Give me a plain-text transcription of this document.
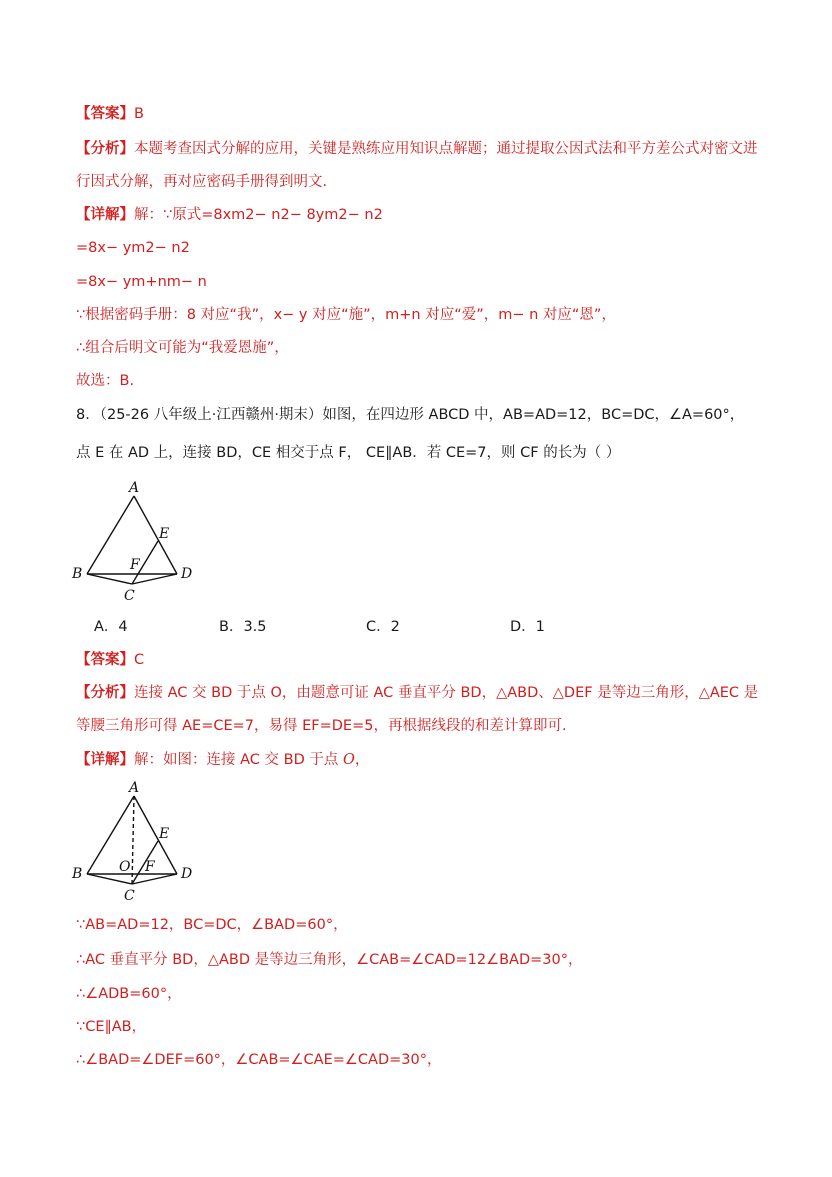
【答案】B
【分析】本题考查因式分解的应用，关键是熟练应用知识点解题；通过提取公因式法和平方差公式对密文进
行因式分解，再对应密码手册得到明文.
【详解】解：∵原式=8xm2− n2− 8ym2− n2
=8x− ym2− n2
=8x− ym+nm− n
∵根据密码手册：8 对应“我”，x− y 对应“施”，m+n 对应“爱”，m− n 对应“恩”，
∴组合后明文可能为“我爱恩施”，
故选：B.
8．（25-26 八年级上·江西赣州·期末）如图，在四边形 ABCD 中，AB=AD=12，BC=DC，∠A=60°，
点 E 在 AD 上，连接 BD，CE 相交于点 F， CE∥AB．若 CE=7，则 CF 的长为（ ）
A
B	D
E
F
C
A．4	B．3.5	C．2	D．1
【答案】C
【分析】连接 AC 交 BD 于点 O，由题意可证 AC 垂直平分 BD，△ABD、△DEF 是等边三角形，△AEC 是
等腰三角形可得 AE=CE=7，易得 EF=DE=5，再根据线段的和差计算即可.
【详解】解：如图：连接 AC 交 BD 于点 O，
A
B	D
E
F
O
C
∵AB=AD=12，BC=DC，∠BAD=60°，
∴AC 垂直平分 BD，△ABD 是等边三角形，∠CAB=∠CAD=12∠BAD=30°，
∴∠ADB=60°，
∵CE∥AB，
∴∠BAD=∠DEF=60°，∠CAB=∠CAE=∠CAD=30°，
